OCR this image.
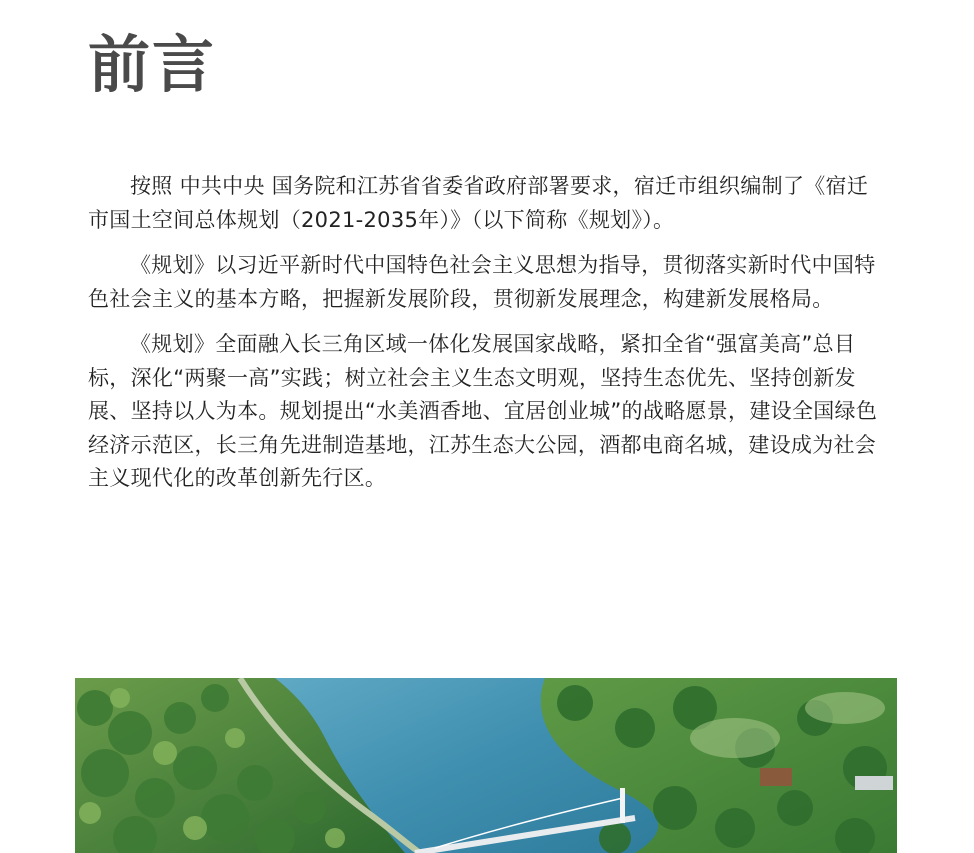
前言

按照 中共中央 国务院和江苏省省委省政府部署要求，宿迁市组织编制了《宿迁市国土空间总体规划（2021-2035年）》（以下简称《规划》）。

《规划》以习近平新时代中国特色社会主义思想为指导，贯彻落实新时代中国特色社会主义的基本方略，把握新发展阶段，贯彻新发展理念，构建新发展格局。

《规划》全面融入长三角区域一体化发展国家战略，紧扣全省“强富美高”总目标，深化“两聚一高”实践；树立社会主义生态文明观，坚持生态优先、坚持创新发展、坚持以人为本。规划提出“水美酒香地、宜居创业城”的战略愿景，建设全国绿色经济示范区，长三角先进制造基地，江苏生态大公园，酒都电商名城，建设成为社会主义现代化的改革创新先行区。
